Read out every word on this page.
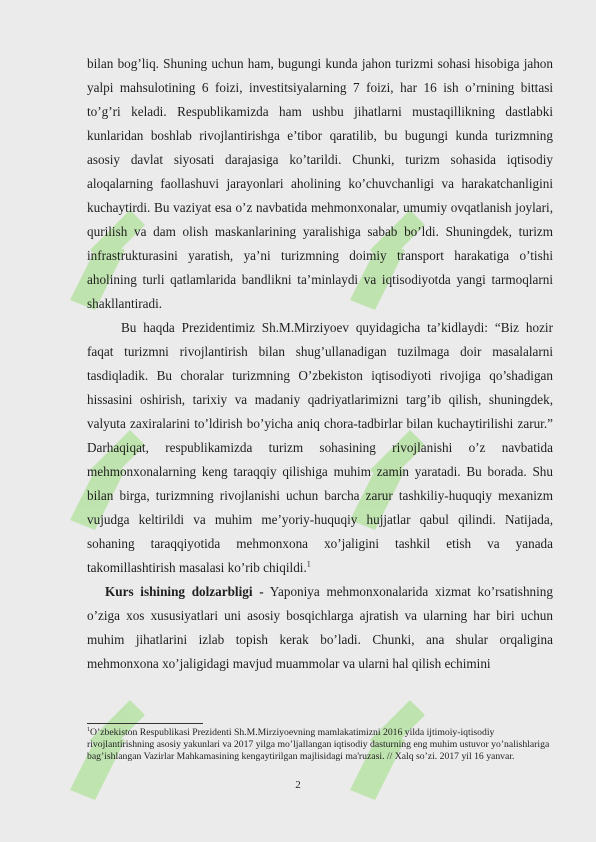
⟡ so

bilan bog’liq. Shuning uchun ham, bugungi kunda jahon turizmi sohasi hisobiga jahon yalpi mahsulotining 6 foizi, investitsiyalarning 7 foizi, har 16 ish o’rnining bittasi to’g’ri keladi. Respublikamizda ham ushbu jihatlarni mustaqillikning dastlabki kunlaridan boshlab rivojlantirishga e’tibor qaratilib, bu bugungi kunda turizmning asosiy davlat siyosati darajasiga ko’tarildi. Chunki, turizm sohasida iqtisodiy aloqalarning faollashuvi jarayonlari aholining ko’chuvchanligi va harakatchanligini kuchaytirdi. Bu vaziyat esa o’z navbatida mehmonxonalar, umumiy ovqatlanish joylari, qurilish va dam olish maskanlarining yaralishiga sabab bo’ldi. Shuningdek, turizm infrastrukturasini yaratish, ya’ni turizmning doimiy transport harakatiga o’tishi aholining turli qatlamlarida bandlikni ta’minlaydi va iqtisodiyotda yangi tarmoqlarni shakllantiradi.

Bu haqda Prezidentimiz Sh.M.Mirziyoev quyidagicha ta’kidlaydi: “Biz hozir faqat turizmni rivojlantirish bilan shug’ullanadigan tuzilmaga doir masalalarni tasdiqladik. Bu choralar turizmning O’zbekiston iqtisodiyoti rivojiga qo’shadigan hissasini oshirish, tarixiy va madaniy qadriyatlarimizni targ’ib qilish, shuningdek, valyuta zaxiralarini to’ldirish bo’yicha aniq chora-tadbirlar bilan kuchaytirilishi zarur.” Darhaqiqat, respublikamizda turizm sohasining rivojlanishi o’z navbatida mehmonxonalarning keng taraqqiy qilishiga muhim zamin yaratadi. Bu borada. Shu bilan birga, turizmning rivojlanishi uchun barcha zarur tashkiliy-huquqiy mexanizm vujudga keltirildi va muhim me’yoriy-huquqiy hujjatlar qabul qilindi. Natijada, sohaning taraqqiyotida mehmonxona xo’jaligini tashkil etish va yanada takomillashtirish masalasi ko’rib chiqildi.$^1$

Kurs ishining dolzarbligi - Yaponiya mehmonxonalarida xizmat ko’rsatishning o’ziga xos xususiyatlari uni asosiy bosqichlarga ajratish va ularning har biri uchun muhim jihatlarini izlab topish kerak bo’ladi. Chunki, ana shular orqaligina mehmonxona xo’jaligidagi mavjud muammolar va ularni hal qilish echimini

$^1$O’zbekiston Respublikasi Prezidenti Sh.M.Mirziyoevning mamlakatimizni 2016 yilda ijtimoiy-iqtisodiy rivojlantirishning asosiy yakunlari va 2017 yilga mo’ljallangan iqtisodiy dasturning eng muhim ustuvor yo’nalishlariga bag’ishlangan Vazirlar Mahkamasining kengaytirilgan majlisidagi ma'ruzasi. // Xalq so’zi. 2017 yil 16 yanvar.

2
